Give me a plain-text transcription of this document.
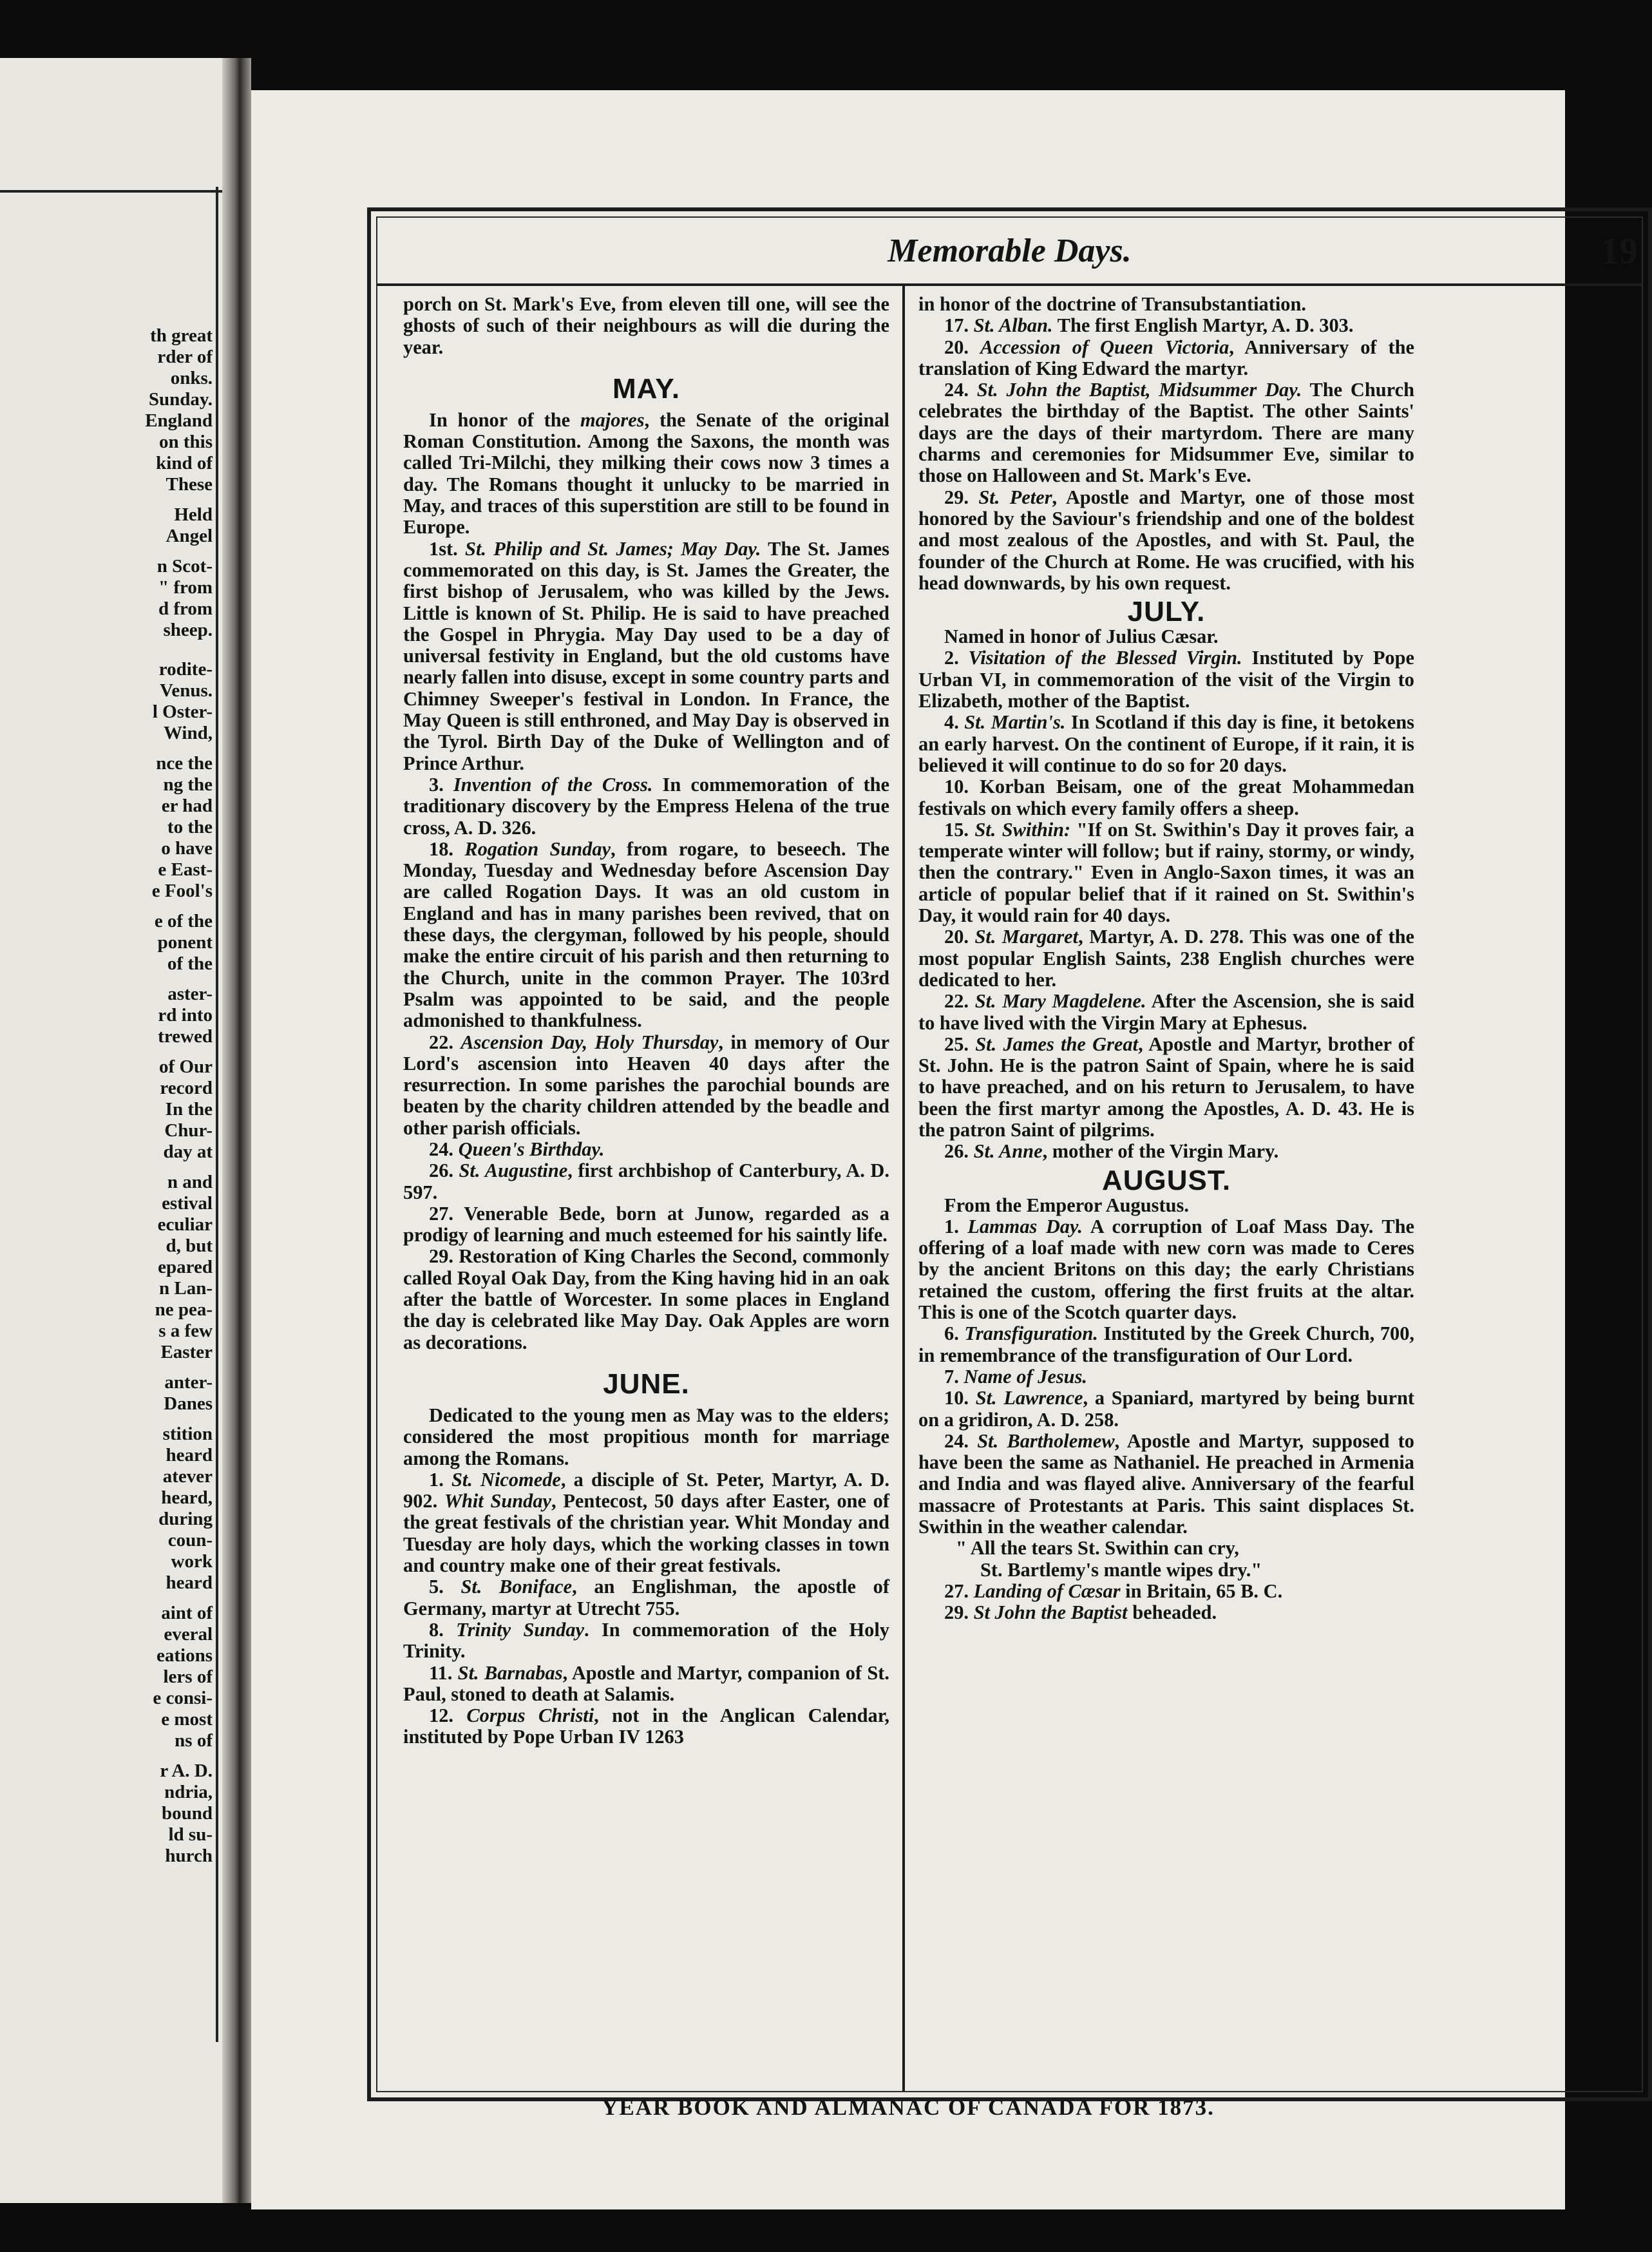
th great
rder of
onks.
Sunday.
England
on this
kind of
These
Held
Angel
n Scot-
" from
d from
sheep.
rodite-
Venus.
l Oster-
Wind,
nce the
ng the
er had
to the
o have
e East-
e Fool's
e of the
ponent
of the
aster-
rd into
trewed
of Our
record
In the
Chur-
day at
n and
estival
eculiar
d, but
epared
n Lan-
ne pea-
s a few
Easter
anter-
Danes
stition
heard
atever
heard,
during
coun-
work
heard
aint of
everal
eations
lers of
e consi-
e most
ns of
r A. D.
ndria,
bound
ld su-
hurch
Memorable Days.	19

porch on St. Mark's Eve, from eleven till one, will see the ghosts of such of their neighbours as will die during the year.

MAY.

In honor of the majores, the Senate of the original Roman Constitution. Among the Saxons, the month was called Tri-Milchi, they milking their cows now 3 times a day. The Romans thought it unlucky to be married in May, and traces of this superstition are still to be found in Europe.

1st. St. Philip and St. James; May Day. The St. James commemorated on this day, is St. James the Greater, the first bishop of Jerusalem, who was killed by the Jews. Little is known of St. Philip. He is said to have preached the Gospel in Phrygia. May Day used to be a day of universal festivity in England, but the old customs have nearly fallen into disuse, except in some country parts and Chimney Sweeper's festival in London. In France, the May Queen is still enthroned, and May Day is observed in the Tyrol. Birth Day of the Duke of Wellington and of Prince Arthur.

3. Invention of the Cross. In commemoration of the traditionary discovery by the Empress Helena of the true cross, A. D. 326.

18. Rogation Sunday, from rogare, to beseech. The Monday, Tuesday and Wednesday before Ascension Day are called Rogation Days. It was an old custom in England and has in many parishes been revived, that on these days, the clergyman, followed by his people, should make the entire circuit of his parish and then returning to the Church, unite in the common Prayer. The 103rd Psalm was appointed to be said, and the people admonished to thankfulness.

22. Ascension Day, Holy Thursday, in memory of Our Lord's ascension into Heaven 40 days after the resurrection. In some parishes the parochial bounds are beaten by the charity children attended by the beadle and other parish officials.

24. Queen's Birthday.

26. St. Augustine, first archbishop of Canterbury, A. D. 597.

27. Venerable Bede, born at Junow, regarded as a prodigy of learning and much esteemed for his saintly life.

29. Restoration of King Charles the Second, commonly called Royal Oak Day, from the King having hid in an oak after the battle of Worcester. In some places in England the day is celebrated like May Day. Oak Apples are worn as decorations.

JUNE.

Dedicated to the young men as May was to the elders; considered the most propitious month for marriage among the Romans.

1. St. Nicomede, a disciple of St. Peter, Martyr, A. D. 902. Whit Sunday, Pentecost, 50 days after Easter, one of the great festivals of the christian year. Whit Monday and Tuesday are holy days, which the working classes in town and country make one of their great festivals.

5. St. Boniface, an Englishman, the apostle of Germany, martyr at Utrecht 755.

8. Trinity Sunday. In commemoration of the Holy Trinity.

11. St. Barnabas, Apostle and Martyr, companion of St. Paul, stoned to death at Salamis.

12. Corpus Christi, not in the Anglican Calendar, instituted by Pope Urban IV 1263

in honor of the doctrine of Transubstantiation.

17. St. Alban. The first English Martyr, A. D. 303.

20. Accession of Queen Victoria, Anniversary of the translation of King Edward the martyr.

24. St. John the Baptist, Midsummer Day. The Church celebrates the birthday of the Baptist. The other Saints' days are the days of their martyrdom. There are many charms and ceremonies for Midsummer Eve, similar to those on Halloween and St. Mark's Eve.

29. St. Peter, Apostle and Martyr, one of those most honored by the Saviour's friendship and one of the boldest and most zealous of the Apostles, and with St. Paul, the founder of the Church at Rome. He was crucified, with his head downwards, by his own request.

JULY.

Named in honor of Julius Cæsar.

2. Visitation of the Blessed Virgin. Instituted by Pope Urban VI, in commemoration of the visit of the Virgin to Elizabeth, mother of the Baptist.

4. St. Martin's. In Scotland if this day is fine, it betokens an early harvest. On the continent of Europe, if it rain, it is believed it will continue to do so for 20 days.

10. Korban Beisam, one of the great Mohammedan festivals on which every family offers a sheep.

15. St. Swithin: "If on St. Swithin's Day it proves fair, a temperate winter will follow; but if rainy, stormy, or windy, then the contrary." Even in Anglo-Saxon times, it was an article of popular belief that if it rained on St. Swithin's Day, it would rain for 40 days.

20. St. Margaret, Martyr, A. D. 278. This was one of the most popular English Saints, 238 English churches were dedicated to her.

22. St. Mary Magdelene. After the Ascension, she is said to have lived with the Virgin Mary at Ephesus.

25. St. James the Great, Apostle and Martyr, brother of St. John. He is the patron Saint of Spain, where he is said to have preached, and on his return to Jerusalem, to have been the first martyr among the Apostles, A. D. 43. He is the patron Saint of pilgrims.

26. St. Anne, mother of the Virgin Mary.

AUGUST.

From the Emperor Augustus.

1. Lammas Day. A corruption of Loaf Mass Day. The offering of a loaf made with new corn was made to Ceres by the ancient Britons on this day; the early Christians retained the custom, offering the first fruits at the altar. This is one of the Scotch quarter days.

6. Transfiguration. Instituted by the Greek Church, 700, in remembrance of the transfiguration of Our Lord.

7. Name of Jesus.

10. St. Lawrence, a Spaniard, martyred by being burnt on a gridiron, A. D. 258.

24. St. Bartholemew, Apostle and Martyr, supposed to have been the same as Nathaniel. He preached in Armenia and India and was flayed alive. Anniversary of the fearful massacre of Protestants at Paris. This saint displaces St. Swithin in the weather calendar.

" All the tears St. Swithin can cry,

St. Bartlemy's mantle wipes dry."

27. Landing of Cæsar in Britain, 65 B. C.

29. St John the Baptist beheaded.

YEAR BOOK AND ALMANAC OF CANADA FOR 1873.
